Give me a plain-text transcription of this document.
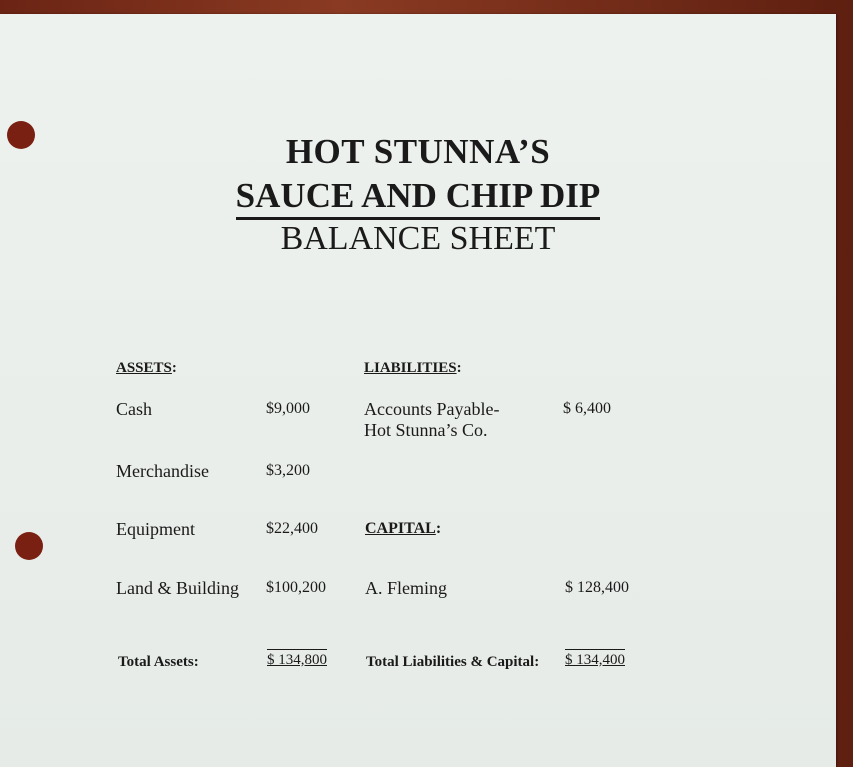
HOT STUNNA’S
SAUCE AND CHIP DIP
BALANCE SHEET
ASSETS:
Cash	$9,000
Merchandise	$3,200
Equipment	$22,400
Land & Building $100,200
Total Assets:	$ 134,800
LIABILITIES:
Accounts Payable-
Hot Stunna’s Co.
$ 6,400
CAPITAL:
A. Fleming	$ 128,400
Total Liabilities & Capital: $ 134,400
